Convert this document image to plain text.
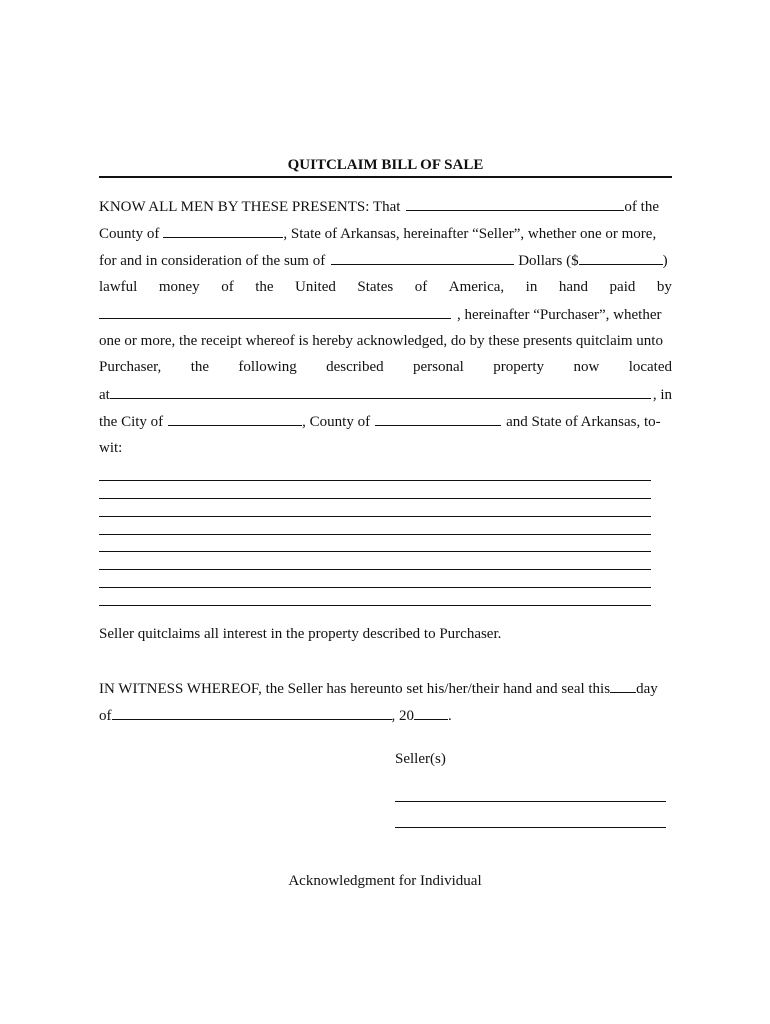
QUITCLAIM BILL OF SALE
KNOW ALL MEN BY THESE PRESENTS: That	of the
County of	, State of Arkansas, hereinafter “Seller”, whether one or more,
for and in consideration of the sum of	Dollars ($	)
lawful money of the United States of America, in hand paid by
, hereinafter “Purchaser”, whether
one or more, the receipt whereof is hereby acknowledged, do by these presents quitclaim unto
Purchaser, the following described personal property now located
at	, in
the City of	, County of	and State of Arkansas, to-
wit:
Seller quitclaims all interest in the property described to Purchaser.
IN WITNESS WHEREOF, the Seller has hereunto set his/her/their hand and seal this day
of	, 20 .
Seller(s)
Acknowledgment for Individual
